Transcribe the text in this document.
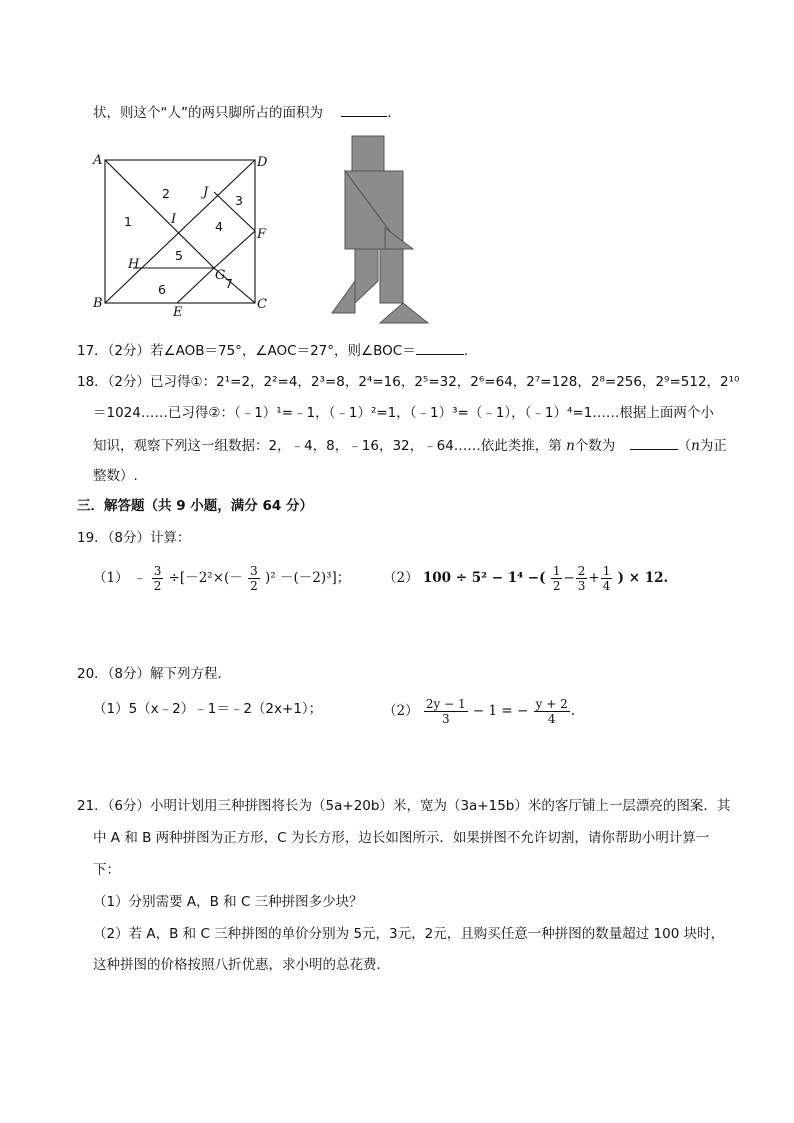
状，则这个“人”的两只脚所占的面积为	.
A	D
B	C
E
F
G
H
I
J
1
2	3
4
5
6	7
17．（2分）若∠AOB＝75°，∠AOC＝27°，则∠BOC＝	.
18．（2分）已习得①：2¹=2，2²=4，2³=8，2⁴=16，2⁵=32，2⁶=64，2⁷=128，2⁸=256，2⁹=512，2¹⁰
＝1024……已习得②：（﹣1）¹=﹣1，（﹣1）²=1，（﹣1）³=（﹣1），（﹣1）⁴=1……根据上面两个小
知识，观察下列这一组数据：2，﹣4，8，﹣16，32，﹣64……依此类推，第 n个数为	（n为正
整数）.
三．解答题（共 9 小题，满分 64 分）
19．（8分）计算：
（1） ﹣ $\frac{3}{2} \div[-2^2\times(- \frac{3}{2} )^2 -(-2)^3]$； （2） 100 ÷ 5² − 1⁴ −( $\frac{1}{2} - \frac{2}{3} + \frac{1}{4}$ ) × 12.
20．（8分）解下列方程．
（1）5（x﹣2）﹣1＝﹣2（2x+1）；	$(2) \frac{2y - 1}{3} - 1$ = − $\frac{y + 2}{4}$ .
21．（6分）小明计划用三种拼图将长为（5a+20b）米，宽为（3a+15b）米的客厅铺上一层漂亮的图案．其
中 A 和 B 两种拼图为正方形，C 为长方形，边长如图所示．如果拼图不允许切割，请你帮助小明计算一
下：
（1）分别需要 A，B 和 C 三种拼图多少块？
（2）若 A，B 和 C 三种拼图的单价分别为 5元，3元，2元，且购买任意一种拼图的数量超过 100 块时，
这种拼图的价格按照八折优惠，求小明的总花费．
